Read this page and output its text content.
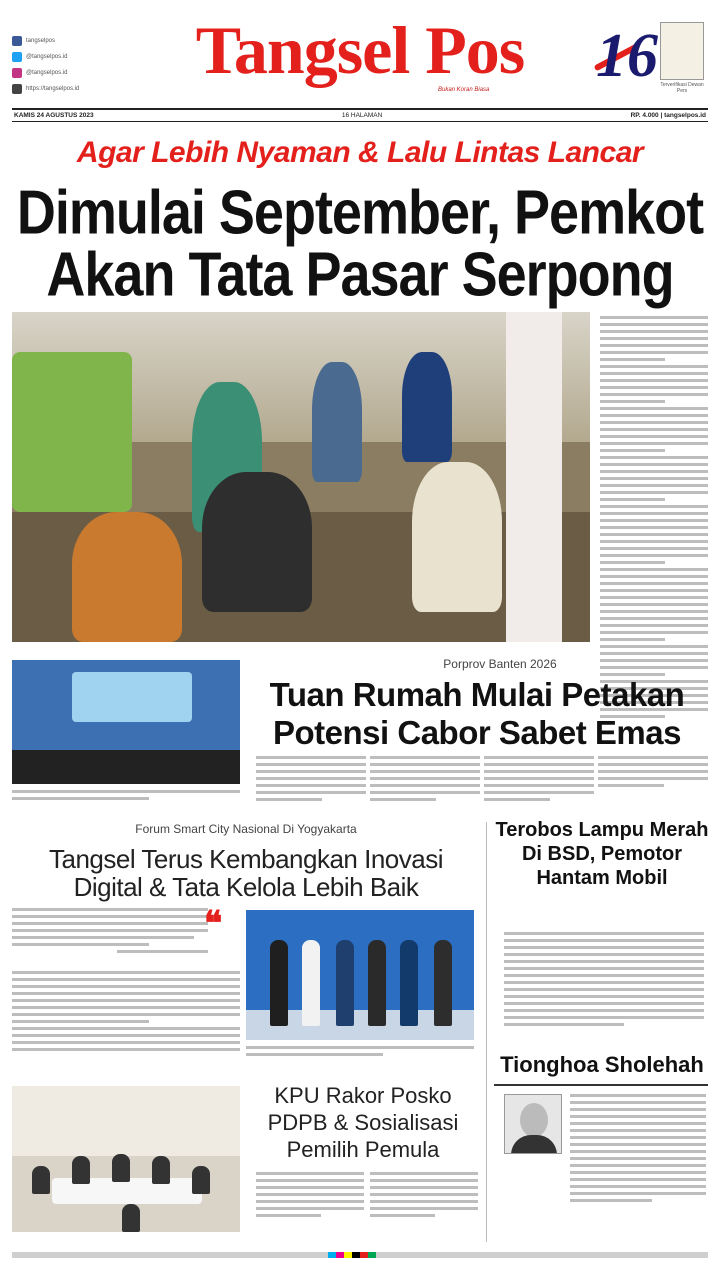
tangselpos
@tangselpos.id
@tangselpos.id
https://tangselpos.id
Tangsel Pos
Bukan Koran Biasa 16 Terverifikasi Dewan Pers
KAMIS 24 AGUSTUS 2023	16 HALAMAN	RP. 4.000 | tangselpos.id
Agar Lebih Nyaman & Lalu Lintas Lancar
Dimulai September, Pemkot
Akan Tata Pasar Serpong
Porprov Banten 2026
Tuan Rumah Mulai Petakan
Potensi Cabor Sabet Emas
Forum Smart City Nasional Di Yogyakarta
Tangsel Terus Kembangkan Inovasi
Digital & Tata Kelola Lebih Baik
❝
Terobos Lampu Merah Di BSD, Pemotor Hantam Mobil
Tionghoa Sholehah
KPU Rakor Posko PDPB & Sosialisasi Pemilih Pemula
